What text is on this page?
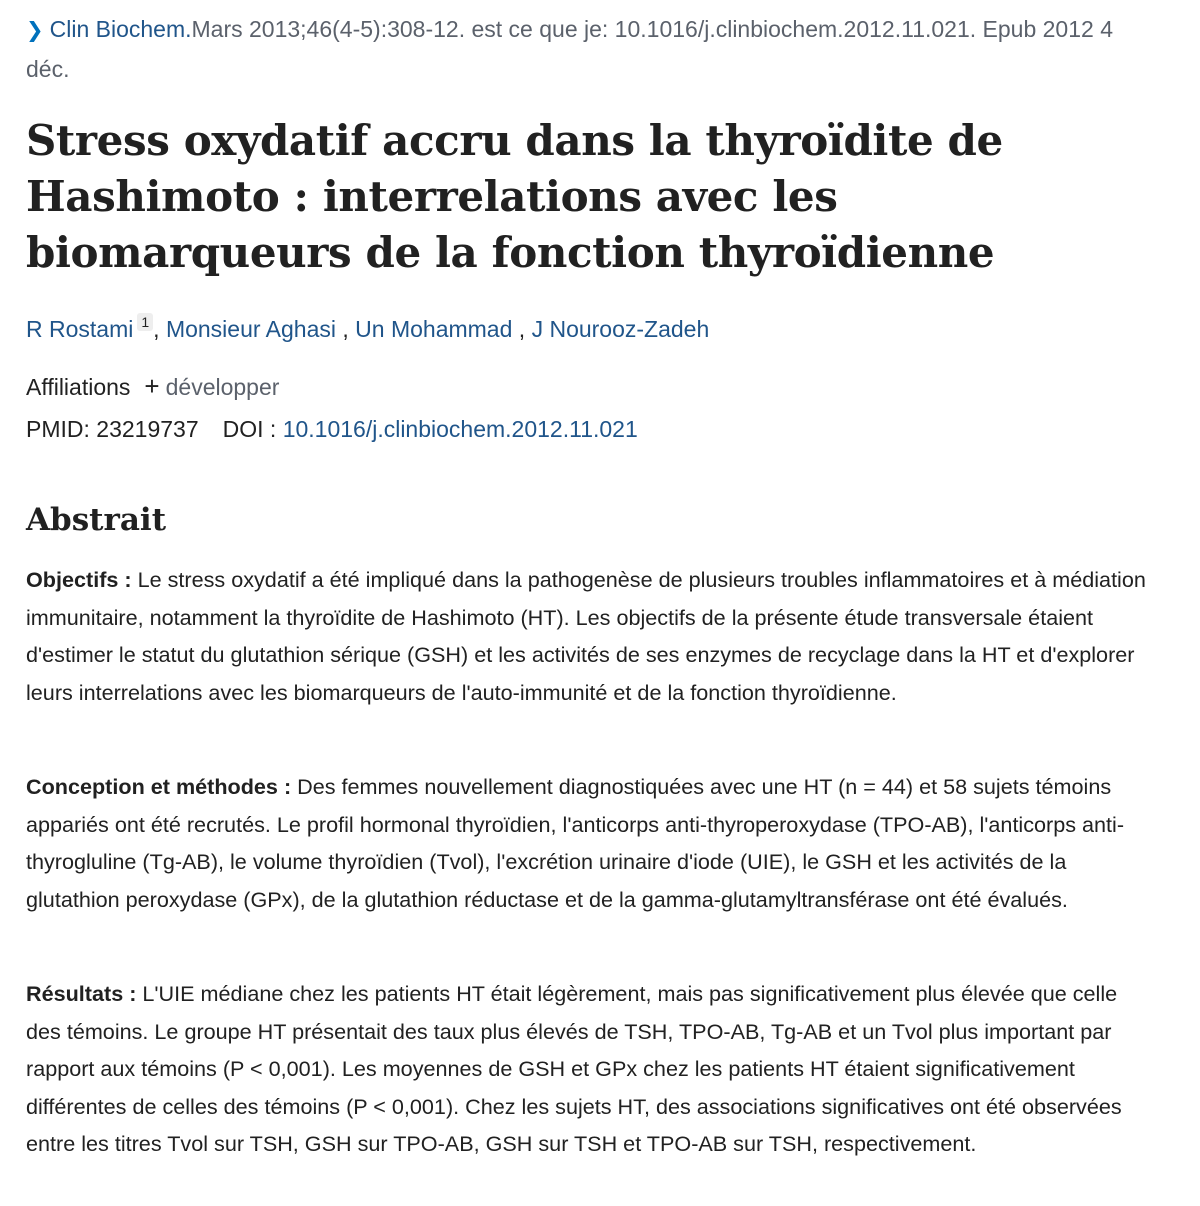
❯ Clin Biochem.Mars 2013;46(4-5):308-12. est ce que je: 10.1016/j.clinbiochem.2012.11.021. Epub 2012 4 déc.
Stress oxydatif accru dans la thyroïdite de Hashimoto : interrelations avec les biomarqueurs de la fonction thyroïdienne
R Rostami 1 , Monsieur Aghasi , Un Mohammad , J Nourooz-Zadeh
Affiliations + développer
PMID: 23219737 DOI : 10.1016/j.clinbiochem.2012.11.021
Abstrait

Objectifs : Le stress oxydatif a été impliqué dans la pathogenèse de plusieurs troubles inflammatoires et à médiation immunitaire, notamment la thyroïdite de Hashimoto (HT). Les objectifs de la présente étude transversale étaient d'estimer le statut du glutathion sérique (GSH) et les activités de ses enzymes de recyclage dans la HT et d'explorer leurs interrelations avec les biomarqueurs de l'auto-immunité et de la fonction thyroïdienne.

Conception et méthodes : Des femmes nouvellement diagnostiquées avec une HT (n = 44) et 58 sujets témoins appariés ont été recrutés. Le profil hormonal thyroïdien, l'anticorps anti-thyroperoxydase (TPO-AB), l'anticorps anti-thyrogluline (Tg-AB), le volume thyroïdien (Tvol), l'excrétion urinaire d'iode (UIE), le GSH et les activités de la glutathion peroxydase (GPx), de la glutathion réductase et de la gamma-glutamyltransférase ont été évalués.

Résultats : L'UIE médiane chez les patients HT était légèrement, mais pas significativement plus élevée que celle des témoins. Le groupe HT présentait des taux plus élevés de TSH, TPO-AB, Tg-AB et un Tvol plus important par rapport aux témoins (P < 0,001). Les moyennes de GSH et GPx chez les patients HT étaient significativement différentes de celles des témoins (P < 0,001). Chez les sujets HT, des associations significatives ont été observées entre les titres Tvol sur TSH, GSH sur TPO-AB, GSH sur TSH et TPO-AB sur TSH, respectivement.
